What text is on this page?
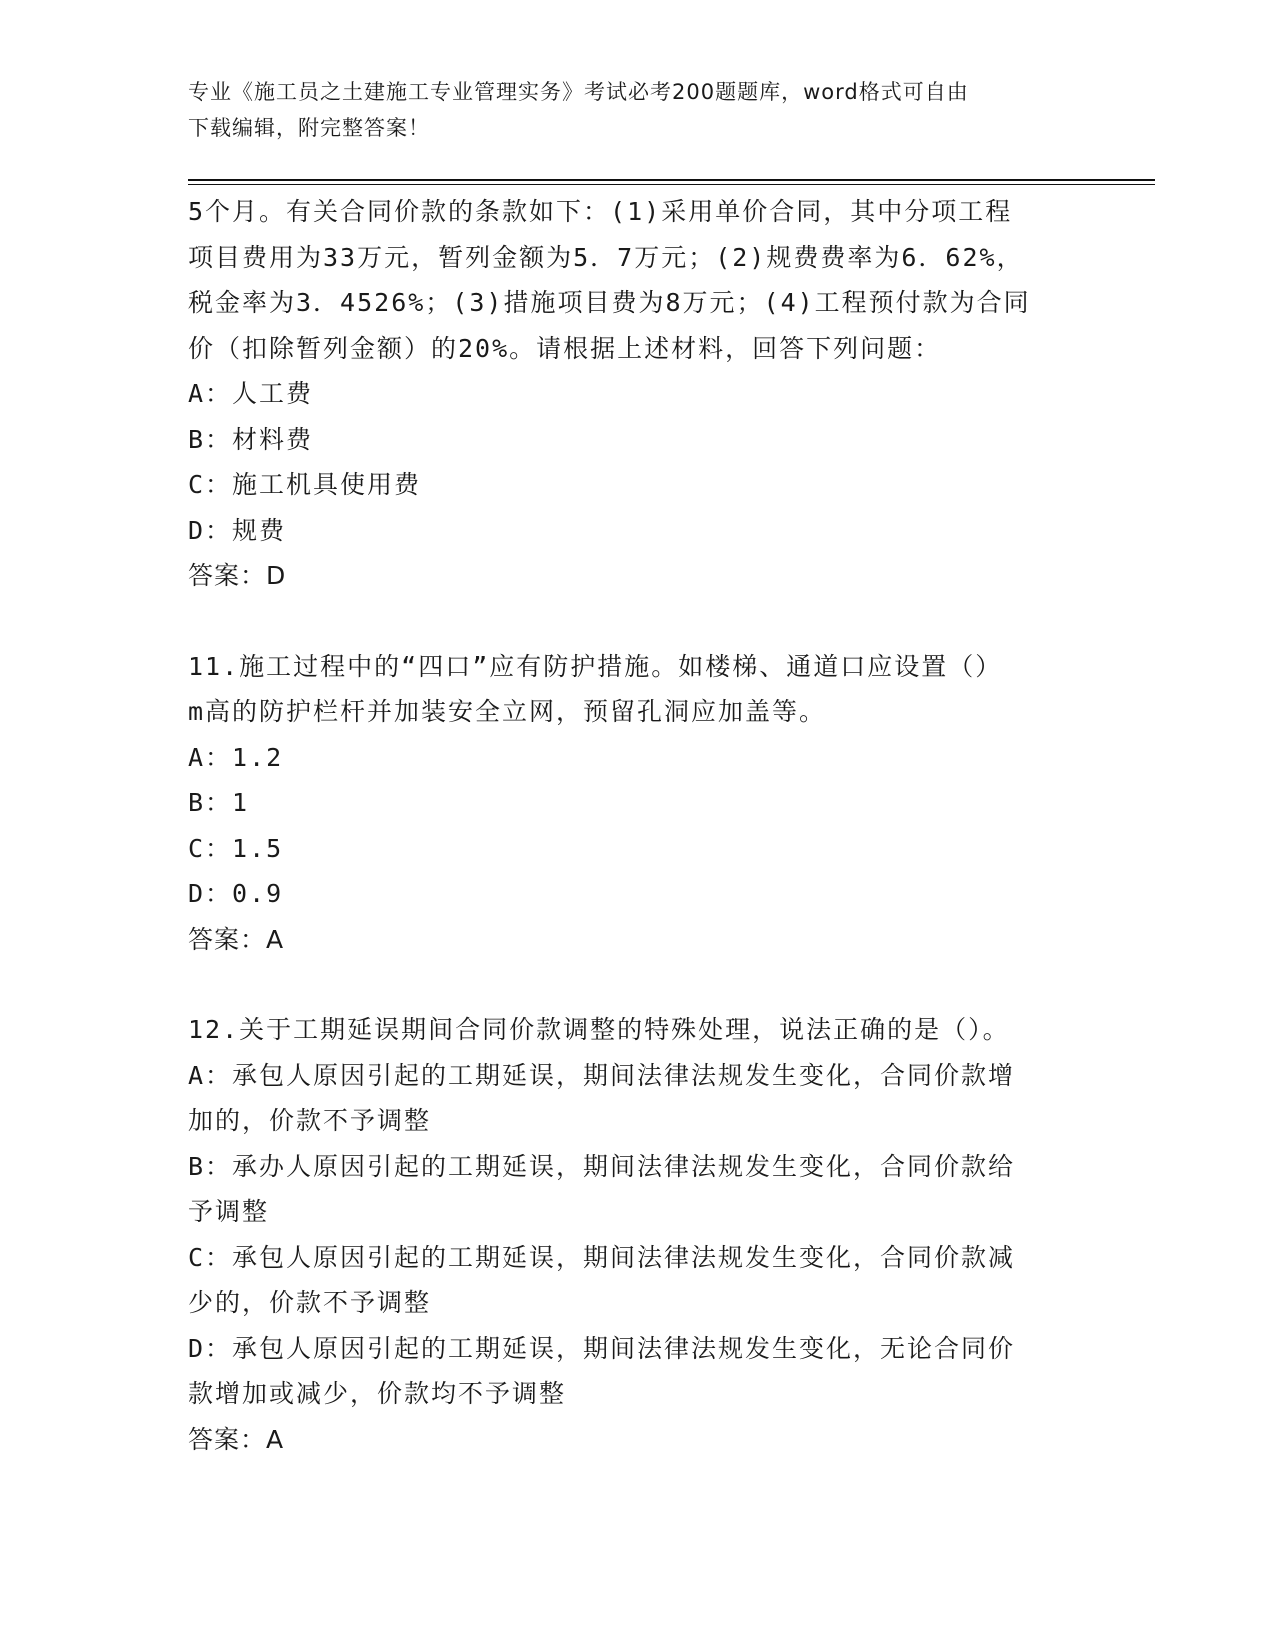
专业《施工员之土建施工专业管理实务》考试必考200题题库，word格式可自由
下载编辑，附完整答案！
5个月。有关合同价款的条款如下：(1)采用单价合同，其中分项工程
项目费用为33万元，暂列金额为5．7万元；(2)规费费率为6．62%，
税金率为3．4526%；(3)措施项目费为8万元；(4)工程预付款为合同
价（扣除暂列金额）的20%。请根据上述材料，回答下列问题：
A：人工费
B：材料费
C：施工机具使用费
D：规费
答案：D
11.施工过程中的“四口”应有防护措施。如楼梯、通道口应设置（）
m高的防护栏杆并加装安全立网，预留孔洞应加盖等。
A：1.2
B：1
C：1.5
D：0.9
答案：A
12.关于工期延误期间合同价款调整的特殊处理，说法正确的是（）。
A：承包人原因引起的工期延误，期间法律法规发生变化，合同价款增
加的，价款不予调整
B：承办人原因引起的工期延误，期间法律法规发生变化，合同价款给
予调整
C：承包人原因引起的工期延误，期间法律法规发生变化，合同价款减
少的，价款不予调整
D：承包人原因引起的工期延误，期间法律法规发生变化，无论合同价
款增加或减少，价款均不予调整
答案：A
